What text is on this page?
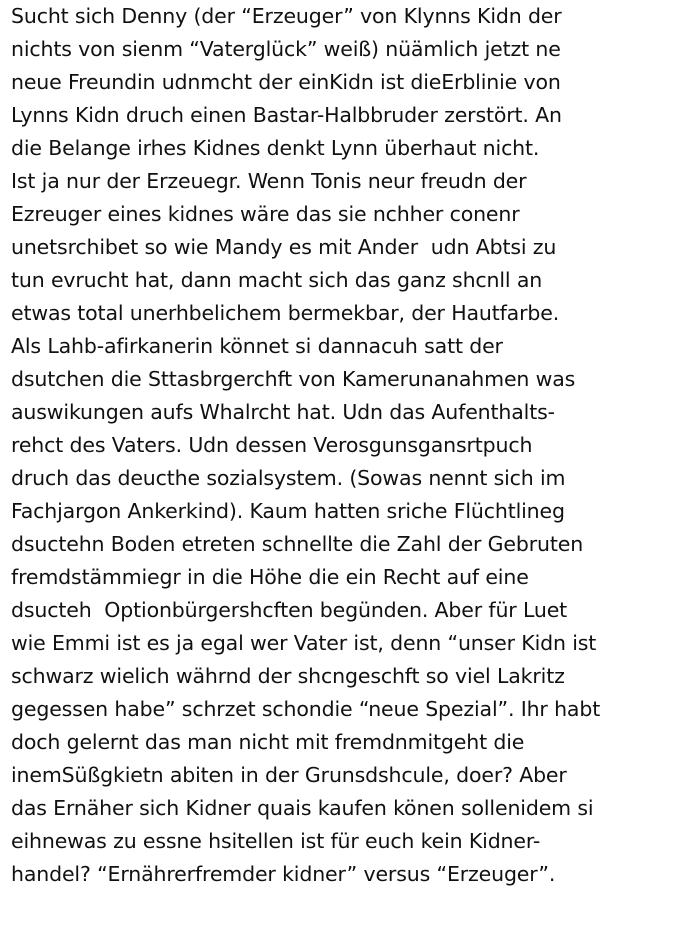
Sucht sich Denny (der “Erzeuger” von Klynns Kidn der
nichts von sienm “Vaterglück” weiß) nüämlich jetzt ne
neue Freundin udnmcht der einKidn ist dieErblinie von
Lynns Kidn druch einen Bastar-Halbbruder zerstört. An
die Belange irhes Kidnes denkt Lynn überhaut nicht.
Ist ja nur der Erzeuegr. Wenn Tonis neur freudn der
Ezreuger eines kidnes wäre das sie nchher conenr
unetsrchibet so wie Mandy es mit Ander  udn Abtsi zu
tun evrucht hat, dann macht sich das ganz shcnll an
etwas total unerhbelichem bermekbar, der Hautfarbe.
Als Lahb-afirkanerin könnet si dannacuh satt der
dsutchen die Sttasbrgerchft von Kamerunanahmen was
auswikungen aufs Whalrcht hat. Udn das Aufenthalts-
rehct des Vaters. Udn dessen Verosgunsgansrtpuch
druch das deucthe sozialsystem. (Sowas nennt sich im
Fachjargon Ankerkind). Kaum hatten sriche Flüchtlineg
dsuctehn Boden etreten schnellte die Zahl der Gebruten
fremdstämmiegr in die Höhe die ein Recht auf eine
dsucteh  Optionbürgershcften begünden. Aber für Luet
wie Emmi ist es ja egal wer Vater ist, denn “unser Kidn ist
schwarz wielich währnd der shcngeschft so viel Lakritz
gegessen habe” schrzet schondie “neue Spezial”. Ihr habt
doch gelernt das man nicht mit fremdnmitgeht die
inemSüßgkietn abiten in der Grunsdshcule, doer? Aber
das Ernäher sich Kidner quais kaufen könen sollenidem si
eihnewas zu essne hsitellen ist für euch kein Kidner-
handel? “Ernährerfremder kidner” versus “Erzeuger”.
